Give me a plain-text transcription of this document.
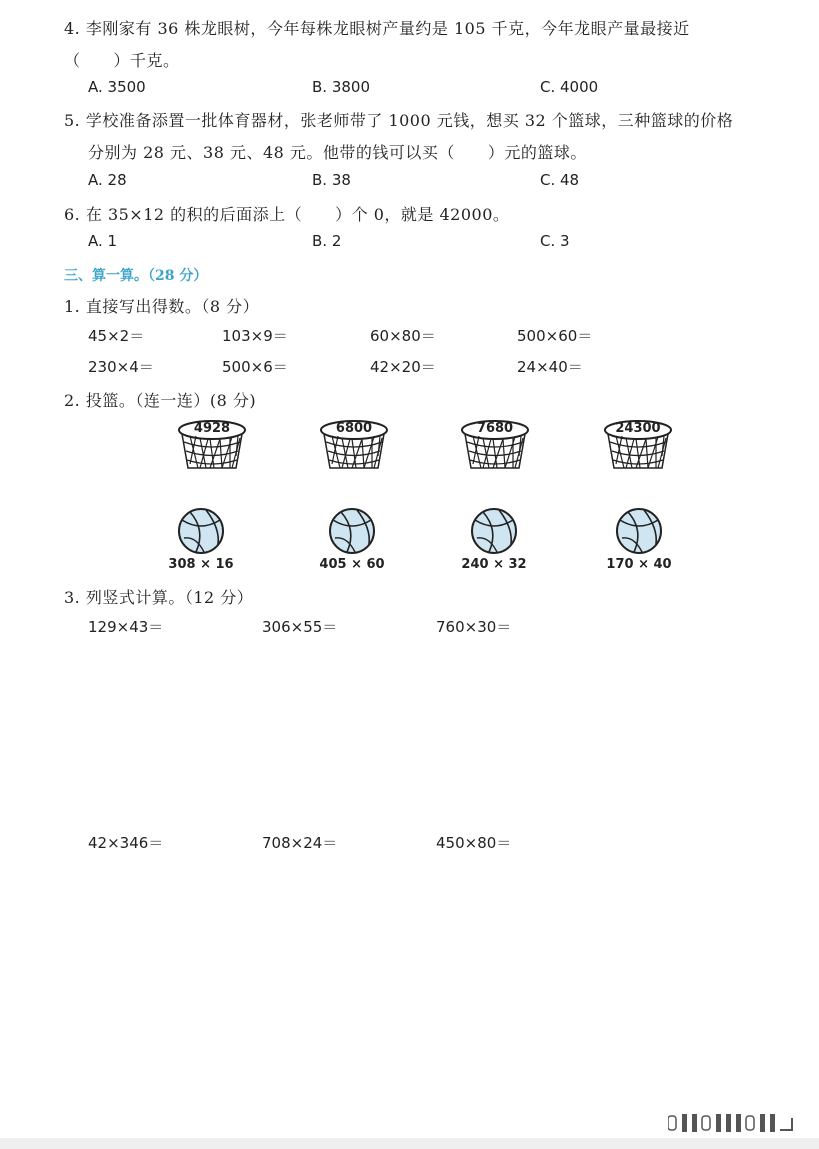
4. 李刚家有 36 株龙眼树，今年每株龙眼树产量约是 105 千克，今年龙眼产量最接近
（　　）千克。
A. 3500	B. 3800	C. 4000
5. 学校准备添置一批体育器材，张老师带了 1000 元钱，想买 32 个篮球，三种篮球的价格
分别为 28 元、38 元、48 元。他带的钱可以买（　　）元的篮球。
A. 28	B. 38	C. 48
6. 在 35×12 的积的后面添上（　　）个 0，就是 42000。
A. 1	B. 2	C. 3
三、算一算。（28 分）
1. 直接写出得数。（8 分）
45×2＝	103×9＝	60×80＝	500×60＝
230×4＝	500×6＝	42×20＝	24×40＝
2. 投篮。（连一连）(8 分)
4928	6800	7680	24300
308 × 16	405 × 60	240 × 32	170 × 40
3. 列竖式计算。（12 分）
129×43＝	306×55＝	760×30＝
42×346＝	708×24＝	450×80＝
